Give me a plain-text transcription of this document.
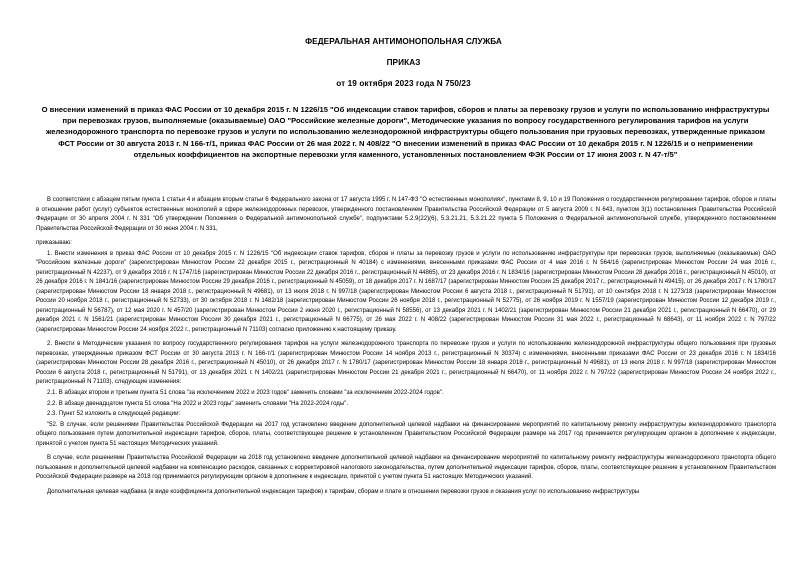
ФЕДЕРАЛЬНАЯ АНТИМОНОПОЛЬНАЯ СЛУЖБА
ПРИКАЗ
от 19 октября 2023 года N 750/23
О внесении изменений в приказ ФАС России от 10 декабря 2015 г. N 1226/15 "Об индексации ставок тарифов, сборов и платы за перевозку грузов и услуги по использованию инфраструктуры при перевозках грузов, выполняемые (оказываемые) ОАО "Российские железные дороги", Методические указания по вопросу государственного регулирования тарифов на услуги железнодорожного транспорта по перевозке грузов и услуги по использованию железнодорожной инфраструктуры общего пользования при грузовых перевозках, утвержденные приказом ФСТ России от 30 августа 2013 г. N 166-т/1, приказ ФАС России от 26 мая 2022 г. N 408/22 "О внесении изменений в приказ ФАС России от 10 декабря 2015 г. N 1226/15 и о неприменении отдельных коэффициентов на экспортные перевозки угля каменного, установленных постановлением ФЭК России от 17 июня 2003 г. N 47-т/5"

В соответствии с абзацем пятым пункта 1 статьи 4 и абзацем вторым статьи 6 Федерального закона от 17 августа 1995 г. N 147-ФЗ "О естественных монополиях", пунктами 8, 9, 10 и 19 Положения о государственном регулировании тарифов, сборов и платы в отношении работ (услуг) субъектов естественных монополий в сфере железнодорожных перевозок, утвержденного постановлением Правительства Российской Федерации от 5 августа 2009 г. N 643, пунктом 3(1) постановления Правительства Российской Федерации от 30 апреля 2004 г. N 331 "Об утверждении Положения о Федеральной антимонопольной службе", подпунктами 5.2.9(22)(6), 5.3.21.21, 5.3.21.22 пункта 5 Положения о Федеральной антимонопольной службе, утвержденного постановлением Правительства Российской Федерации от 30 июня 2004 г. N 331,

приказываю:

1. Внести изменения в приказ ФАС России от 10 декабря 2015 г. N 1226/15 "Об индексации ставок тарифов, сборов и платы за перевозку грузов и услуги по использованию инфраструктуры при перевозках грузов, выполняемые (оказываемые) ОАО "Российские железные дороги" (зарегистрирован Минюстом России 22 декабря 2015 г., регистрационный N 40184) с изменениями, внесенными приказами ФАС России от 4 мая 2016 г. N 564/16 (зарегистрирован Минюстом России 24 мая 2016 г., регистрационный N 42237), от 9 декабря 2016 г. N 1747/16 (зарегистрирован Минюстом России 22 декабря 2016 г., регистрационный N 44865), от 23 декабря 2016 г. N 1834/16 (зарегистрирован Минюстом России 28 декабря 2016 г., регистрационный N 45010), от 26 декабря 2016 г. N 1841/16 (зарегистрирован Минюстом России 29 декабря 2016 г., регистрационный N 45059), от 18 декабря 2017 г. N 1687/17 (зарегистрирован Минюстом России 25 декабря 2017 г., регистрационный N 49415), от 26 декабря 2017 г. N 1780/17 (зарегистрирован Минюстом России 18 января 2018 г., регистрационный N 49681), от 13 июля 2018 г. N 997/18 (зарегистрирован Минюстом России 6 августа 2018 г., регистрационный N 51791), от 10 сентября 2018 г. N 1273/18 (зарегистрирован Минюстом России 20 ноября 2018 г., регистрационный N 52733), от 30 октября 2018 г. N 1482/18 (зарегистрирован Минюстом России 26 ноября 2018 г., регистрационный N 52775), от 26 ноября 2019 г. N 1557/19 (зарегистрирован Минюстом России 12 декабря 2019 г., регистрационный N 56787), от 12 мая 2020 г. N 457/20 (зарегистрирован Минюстом России 2 июня 2020 г., регистрационный N 58556), от 13 декабря 2021 г. N 1402/21 (зарегистрирован Минюстом России 21 декабря 2021 г., регистрационный N 66470), от 29 декабря 2021 г. N 1561/21 (зарегистрирован Минюстом России 30 декабря 2021 г., регистрационный N 66775), от 26 мая 2022 г. N 408/22 (зарегистрирован Минюстом России 31 мая 2022 г., регистрационный N 68643), от 11 ноября 2022 г. N 797/22 (зарегистрирован Минюстом России 24 ноября 2022 г., регистрационный N 71103) согласно приложению к настоящему приказу.

2. Внести в Методические указания по вопросу государственного регулирования тарифов на услуги железнодорожного транспорта по перевозке грузов и услуги по использованию железнодорожной инфраструктуры общего пользования при грузовых перевозках, утвержденные приказом ФСТ России от 30 августа 2013 г. N 166-т/1 (зарегистрирован Минюстом России 14 ноября 2013 г., регистрационный N 30374) с изменениями, внесенными приказами ФАС России от 23 декабря 2016 г. N 1834/16 (зарегистрирован Минюстом России 28 декабря 2016 г., регистрационный N 45010), от 26 декабря 2017 г. N 1780/17 (зарегистрирован Минюстом России 18 января 2018 г., регистрационный N 49681), от 13 июля 2018 г. N 997/18 (зарегистрирован Минюстом России 6 августа 2018 г., регистрационный N 51791), от 13 декабря 2021 г. N 1402/21 (зарегистрирован Минюстом России 21 декабря 2021 г., регистрационный N 66470), от 11 ноября 2022 г. N 797/22 (зарегистрирован Минюстом России 24 ноября 2022 г., регистрационный N 71103), следующие изменения:

2.1. В абзацах втором и третьем пункта 51 слова "за исключением 2022 и 2023 годов" заменить словами "за исключением 2022-2024 годов".

2.2. В абзаце двенадцатом пункта 51 слова "На 2022 и 2023 годы" заменить словами "На 2022-2024 годы".

2.3. Пункт 52 изложить в следующей редакции:

"52. В случае, если решениями Правительства Российской Федерации на 2017 год установлено введение дополнительной целевой надбавки на финансирование мероприятий по капитальному ремонту инфраструктуры железнодорожного транспорта общего пользования путем дополнительной индексации тарифов, сборов, платы, соответствующее решение в установленном Правительством Российской Федерации размере на 2017 год принимается регулирующим органом в дополнение к индексации, принятой с учетом пункта 51 настоящих Методических указаний.

В случае, если решениями Правительства Российской Федерации на 2018 год установлено введение дополнительной целевой надбавки на финансирование мероприятий по капитальному ремонту инфраструктуры железнодорожного транспорта общего пользования и дополнительной целевой надбавки на компенсацию расходов, связанных с корректировкой налогового законодательства, путем дополнительной индексации тарифов, сборов, платы, соответствующее решение в установленном Правительством Российской Федерации размере на 2018 год принимается регулирующим органом в дополнение к индексации, принятой с учетом пункта 51 настоящих Методических указаний.

Дополнительная целевая надбавка (в виде коэффициента дополнительной индексации тарифов) к тарифам, сборам и плате в отношении перевозки грузов и оказания услуг по использованию инфраструктуры
